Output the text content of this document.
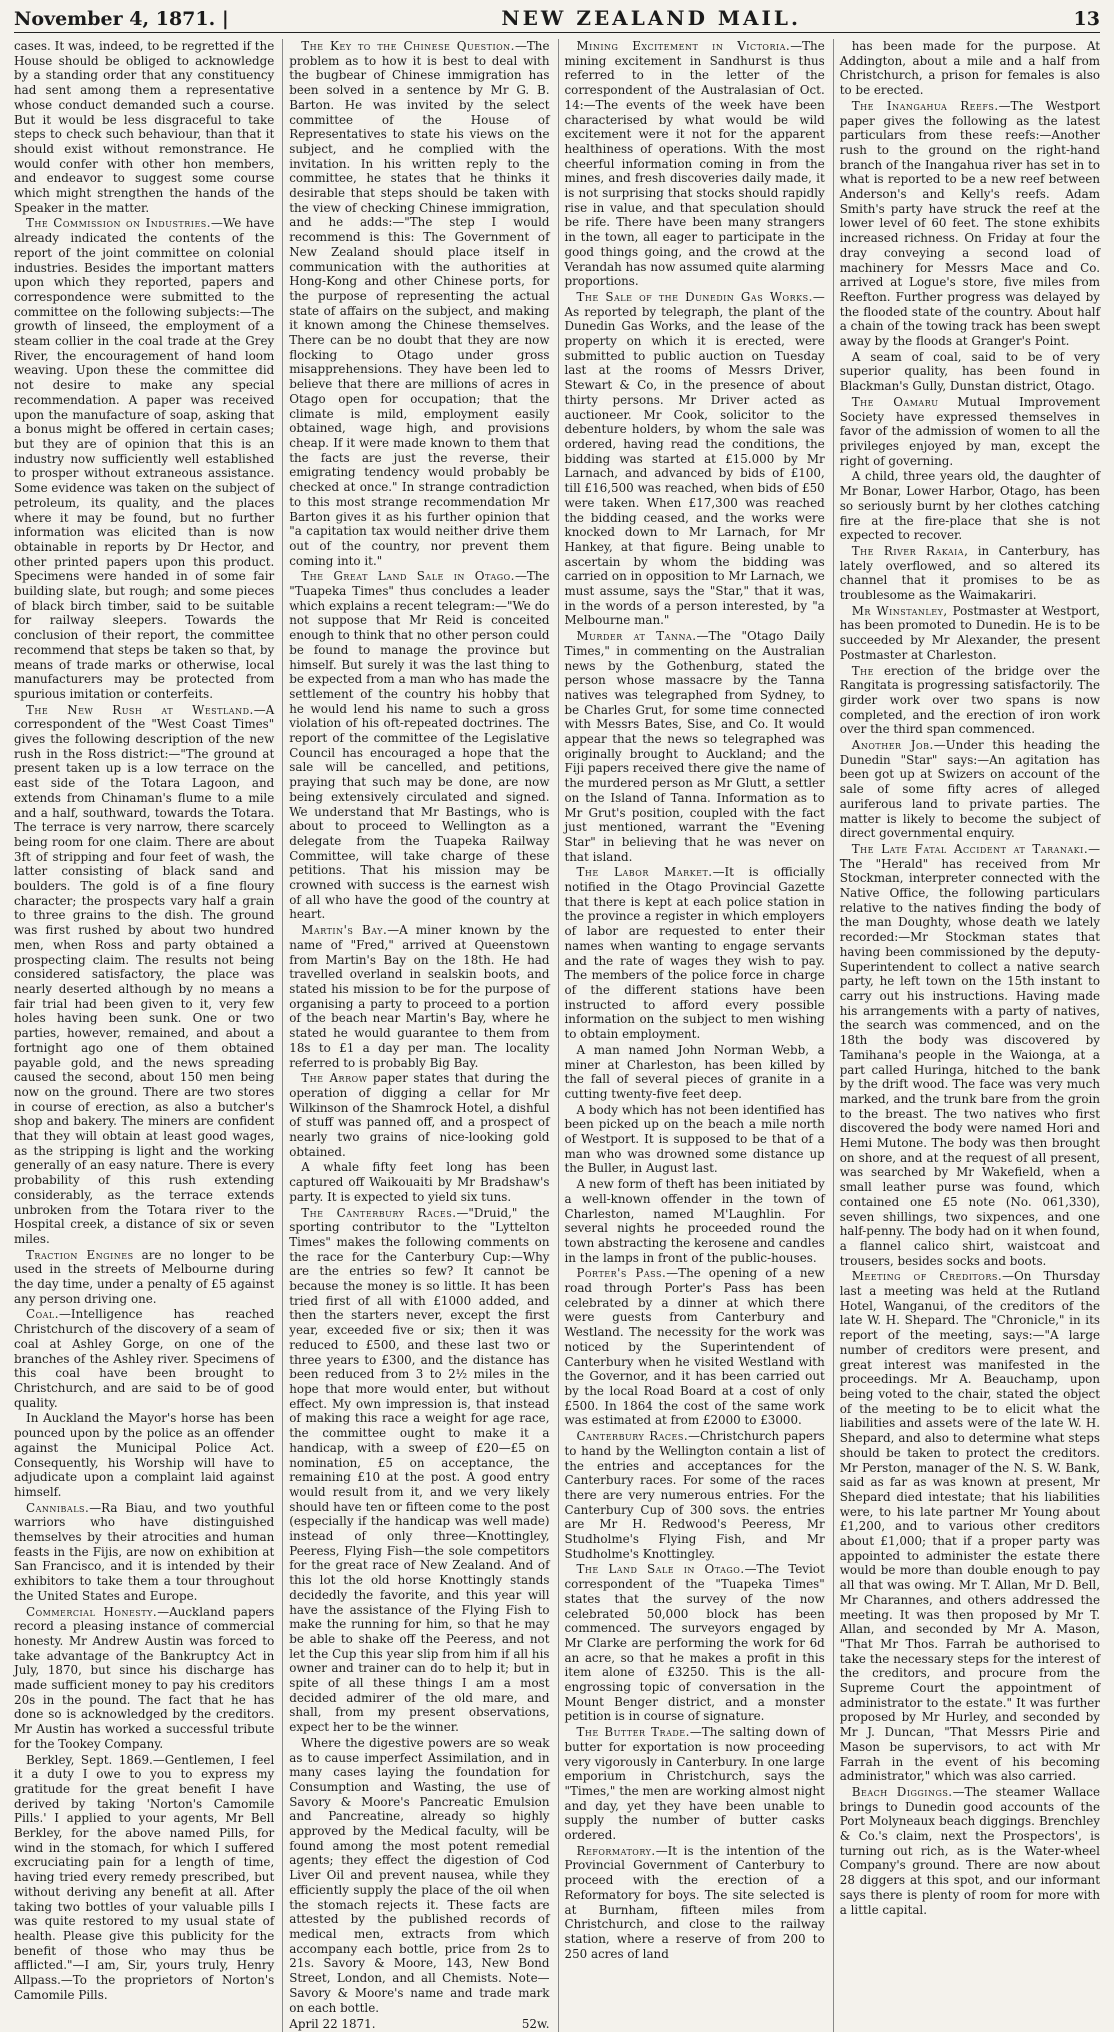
November 4, 1871. |	NEW ZEALAND MAIL.	13

cases. It was, indeed, to be regretted if the House should be obliged to acknowledge by a standing order that any constituency had sent among them a representative whose conduct demanded such a course. But it would be less disgraceful to take steps to check such behaviour, than that it should exist without remonstrance. He would confer with other hon members, and endeavor to suggest some course which might strengthen the hands of the Speaker in the matter.

The Commission on Industries.—We have already indicated the contents of the report of the joint committee on colonial industries. Besides the important matters upon which they reported, papers and correspondence were submitted to the committee on the following subjects:—The growth of linseed, the employment of a steam collier in the coal trade at the Grey River, the encouragement of hand loom weaving. Upon these the committee did not desire to make any special recommendation. A paper was received upon the manufacture of soap, asking that a bonus might be offered in certain cases; but they are of opinion that this is an industry now sufficiently well established to prosper without extraneous assistance. Some evidence was taken on the subject of petroleum, its quality, and the places where it may be found, but no further information was elicited than is now obtainable in reports by Dr Hector, and other printed papers upon this product. Specimens were handed in of some fair building slate, but rough; and some pieces of black birch timber, said to be suitable for railway sleepers. Towards the conclusion of their report, the committee recommend that steps be taken so that, by means of trade marks or otherwise, local manufacturers may be protected from spurious imitation or conterfeits.

The New Rush at Westland.—A correspondent of the "West Coast Times" gives the following description of the new rush in the Ross district:—"The ground at present taken up is a low terrace on the east side of the Totara Lagoon, and extends from Chinaman's flume to a mile and a half, southward, towards the Totara. The terrace is very narrow, there scarcely being room for one claim. There are about 3ft of stripping and four feet of wash, the latter consisting of black sand and boulders. The gold is of a fine floury character; the prospects vary half a grain to three grains to the dish. The ground was first rushed by about two hundred men, when Ross and party obtained a prospecting claim. The results not being considered satisfactory, the place was nearly deserted although by no means a fair trial had been given to it, very few holes having been sunk. One or two parties, however, remained, and about a fortnight ago one of them obtained payable gold, and the news spreading caused the second, about 150 men being now on the ground. There are two stores in course of erection, as also a butcher's shop and bakery. The miners are confident that they will obtain at least good wages, as the stripping is light and the working generally of an easy nature. There is every probability of this rush extending considerably, as the terrace extends unbroken from the Totara river to the Hospital creek, a distance of six or seven miles.

Traction Engines are no longer to be used in the streets of Melbourne during the day time, under a penalty of £5 against any person driving one.

Coal.—Intelligence has reached Christchurch of the discovery of a seam of coal at Ashley Gorge, on one of the branches of the Ashley river. Specimens of this coal have been brought to Christchurch, and are said to be of good quality.

In Auckland the Mayor's horse has been pounced upon by the police as an offender against the Municipal Police Act. Consequently, his Worship will have to adjudicate upon a complaint laid against himself.

Cannibals.—Ra Biau, and two youthful warriors who have distinguished themselves by their atrocities and human feasts in the Fijis, are now on exhibition at San Francisco, and it is intended by their exhibitors to take them a tour throughout the United States and Europe.

Commercial Honesty.—Auckland papers record a pleasing instance of commercial honesty. Mr Andrew Austin was forced to take advantage of the Bankruptcy Act in July, 1870, but since his discharge has made sufficient money to pay his creditors 20s in the pound. The fact that he has done so is acknowledged by the creditors. Mr Austin has worked a successful tribute for the Tookey Company.

Berkley, Sept. 1869.—Gentlemen, I feel it a duty I owe to you to express my gratitude for the great benefit I have derived by taking 'Norton's Camomile Pills.' I applied to your agents, Mr Bell Berkley, for the above named Pills, for wind in the stomach, for which I suffered excruciating pain for a length of time, having tried every remedy prescribed, but without deriving any benefit at all. After taking two bottles of your valuable pills I was quite restored to my usual state of health. Please give this publicity for the benefit of those who may thus be afflicted."—I am, Sir, yours truly, Henry Allpass.—To the proprietors of Norton's Camomile Pills.

The Key to the Chinese Question.—The problem as to how it is best to deal with the bugbear of Chinese immigration has been solved in a sentence by Mr G. B. Barton. He was invited by the select committee of the House of Representatives to state his views on the subject, and he complied with the invitation. In his written reply to the committee, he states that he thinks it desirable that steps should be taken with the view of checking Chinese immigration, and he adds:—"The step I would recommend is this: The Government of New Zealand should place itself in communication with the authorities at Hong-Kong and other Chinese ports, for the purpose of representing the actual state of affairs on the subject, and making it known among the Chinese themselves. There can be no doubt that they are now flocking to Otago under gross misapprehensions. They have been led to believe that there are millions of acres in Otago open for occupation; that the climate is mild, employment easily obtained, wage high, and provisions cheap. If it were made known to them that the facts are just the reverse, their emigrating tendency would probably be checked at once." In strange contradiction to this most strange recommendation Mr Barton gives it as his further opinion that "a capitation tax would neither drive them out of the country, nor prevent them coming into it."

The Great Land Sale in Otago.—The "Tuapeka Times" thus concludes a leader which explains a recent telegram:—"We do not suppose that Mr Reid is conceited enough to think that no other person could be found to manage the province but himself. But surely it was the last thing to be expected from a man who has made the settlement of the country his hobby that he would lend his name to such a gross violation of his oft-repeated doctrines. The report of the committee of the Legislative Council has encouraged a hope that the sale will be cancelled, and petitions, praying that such may be done, are now being extensively circulated and signed. We understand that Mr Bastings, who is about to proceed to Wellington as a delegate from the Tuapeka Railway Committee, will take charge of these petitions. That his mission may be crowned with success is the earnest wish of all who have the good of the country at heart.

Martin's Bay.—A miner known by the name of "Fred," arrived at Queenstown from Martin's Bay on the 18th. He had travelled overland in sealskin boots, and stated his mission to be for the purpose of organising a party to proceed to a portion of the beach near Martin's Bay, where he stated he would guarantee to them from 18s to £1 a day per man. The locality referred to is probably Big Bay.

The Arrow paper states that during the operation of digging a cellar for Mr Wilkinson of the Shamrock Hotel, a dishful of stuff was panned off, and a prospect of nearly two grains of nice-looking gold obtained.

A whale fifty feet long has been captured off Waikouaiti by Mr Bradshaw's party. It is expected to yield six tuns.

The Canterbury Races.—"Druid," the sporting contributor to the "Lyttelton Times" makes the following comments on the race for the Canterbury Cup:—Why are the entries so few? It cannot be because the money is so little. It has been tried first of all with £1000 added, and then the starters never, except the first year, exceeded five or six; then it was reduced to £500, and these last two or three years to £300, and the distance has been reduced from 3 to 2½ miles in the hope that more would enter, but without effect. My own impression is, that instead of making this race a weight for age race, the committee ought to make it a handicap, with a sweep of £20—£5 on nomination, £5 on acceptance, the remaining £10 at the post. A good entry would result from it, and we very likely should have ten or fifteen come to the post (especially if the handicap was well made) instead of only three—Knottingley, Peeress, Flying Fish—the sole competitors for the great race of New Zealand. And of this lot the old horse Knottingly stands decidedly the favorite, and this year will have the assistance of the Flying Fish to make the running for him, so that he may be able to shake off the Peeress, and not let the Cup this year slip from him if all his owner and trainer can do to help it; but in spite of all these things I am a most decided admirer of the old mare, and shall, from my present observations, expect her to be the winner.

Where the digestive powers are so weak as to cause imperfect Assimilation, and in many cases laying the foundation for Consumption and Wasting, the use of Savory & Moore's Pancreatic Emulsion and Pancreatine, already so highly approved by the Medical faculty, will be found among the most potent remedial agents; they effect the digestion of Cod Liver Oil and prevent nausea, while they efficiently supply the place of the oil when the stomach rejects it. These facts are attested by the published records of medical men, extracts from which accompany each bottle, price from 2s to 21s. Savory & Moore, 143, New Bond Street, London, and all Chemists. Note—Savory & Moore's name and trade mark on each bottle.

April 22 1871.	52w.

Mining Excitement in Victoria.—The mining excitement in Sandhurst is thus referred to in the letter of the correspondent of the Australasian of Oct. 14:—The events of the week have been characterised by what would be wild excitement were it not for the apparent healthiness of operations. With the most cheerful information coming in from the mines, and fresh discoveries daily made, it is not surprising that stocks should rapidly rise in value, and that speculation should be rife. There have been many strangers in the town, all eager to participate in the good things going, and the crowd at the Verandah has now assumed quite alarming proportions.

The Sale of the Dunedin Gas Works.—As reported by telegraph, the plant of the Dunedin Gas Works, and the lease of the property on which it is erected, were submitted to public auction on Tuesday last at the rooms of Messrs Driver, Stewart & Co, in the presence of about thirty persons. Mr Driver acted as auctioneer. Mr Cook, solicitor to the debenture holders, by whom the sale was ordered, having read the conditions, the bidding was started at £15.000 by Mr Larnach, and advanced by bids of £100, till £16,500 was reached, when bids of £50 were taken. When £17,300 was reached the bidding ceased, and the works were knocked down to Mr Larnach, for Mr Hankey, at that figure. Being unable to ascertain by whom the bidding was carried on in opposition to Mr Larnach, we must assume, says the "Star," that it was, in the words of a person interested, by "a Melbourne man."

Murder at Tanna.—The "Otago Daily Times," in commenting on the Australian news by the Gothenburg, stated the person whose massacre by the Tanna natives was telegraphed from Sydney, to be Charles Grut, for some time connected with Messrs Bates, Sise, and Co. It would appear that the news so telegraphed was originally brought to Auckland; and the Fiji papers received there give the name of the murdered person as Mr Glutt, a settler on the Island of Tanna. Information as to Mr Grut's position, coupled with the fact just mentioned, warrant the "Evening Star" in believing that he was never on that island.

The Labor Market.—It is officially notified in the Otago Provincial Gazette that there is kept at each police station in the province a register in which employers of labor are requested to enter their names when wanting to engage servants and the rate of wages they wish to pay. The members of the police force in charge of the different stations have been instructed to afford every possible information on the subject to men wishing to obtain employment.

A man named John Norman Webb, a miner at Charleston, has been killed by the fall of several pieces of granite in a cutting twenty-five feet deep.

A body which has not been identified has been picked up on the beach a mile north of Westport. It is supposed to be that of a man who was drowned some distance up the Buller, in August last.

A new form of theft has been initiated by a well-known offender in the town of Charleston, named M'Laughlin. For several nights he proceeded round the town abstracting the kerosene and candles in the lamps in front of the public-houses.

Porter's Pass.—The opening of a new road through Porter's Pass has been celebrated by a dinner at which there were guests from Canterbury and Westland. The necessity for the work was noticed by the Superintendent of Canterbury when he visited Westland with the Governor, and it has been carried out by the local Road Board at a cost of only £500. In 1864 the cost of the same work was estimated at from £2000 to £3000.

Canterbury Races.—Christchurch papers to hand by the Wellington contain a list of the entries and acceptances for the Canterbury races. For some of the races there are very numerous entries. For the Canterbury Cup of 300 sovs. the entries are Mr H. Redwood's Peeress, Mr Studholme's Flying Fish, and Mr Studholme's Knottingley.

The Land Sale in Otago.—The Teviot correspondent of the "Tuapeka Times" states that the survey of the now celebrated 50,000 block has been commenced. The surveyors engaged by Mr Clarke are performing the work for 6d an acre, so that he makes a profit in this item alone of £3250. This is the all-engrossing topic of conversation in the Mount Benger district, and a monster petition is in course of signature.

The Butter Trade.—The salting down of butter for exportation is now proceeding very vigorously in Canterbury. In one large emporium in Christchurch, says the "Times," the men are working almost night and day, yet they have been unable to supply the number of butter casks ordered.

Reformatory.—It is the intention of the Provincial Government of Canterbury to proceed with the erection of a Reformatory for boys. The site selected is at Burnham, fifteen miles from Christchurch, and close to the railway station, where a reserve of from 200 to 250 acres of land

has been made for the purpose. At Addington, about a mile and a half from Christchurch, a prison for females is also to be erected.

The Inangahua Reefs.—The Westport paper gives the following as the latest particulars from these reefs:—Another rush to the ground on the right-hand branch of the Inangahua river has set in to what is reported to be a new reef between Anderson's and Kelly's reefs. Adam Smith's party have struck the reef at the lower level of 60 feet. The stone exhibits increased richness. On Friday at four the dray conveying a second load of machinery for Messrs Mace and Co. arrived at Logue's store, five miles from Reefton. Further progress was delayed by the flooded state of the country. About half a chain of the towing track has been swept away by the floods at Granger's Point.

A seam of coal, said to be of very superior quality, has been found in Blackman's Gully, Dunstan district, Otago.

The Oamaru Mutual Improvement Society have expressed themselves in favor of the admission of women to all the privileges enjoyed by man, except the right of governing.

A child, three years old, the daughter of Mr Bonar, Lower Harbor, Otago, has been so seriously burnt by her clothes catching fire at the fire-place that she is not expected to recover.

The River Rakaia, in Canterbury, has lately overflowed, and so altered its channel that it promises to be as troublesome as the Waimakariri.

Mr Winstanley, Postmaster at Westport, has been promoted to Dunedin. He is to be succeeded by Mr Alexander, the present Postmaster at Charleston.

The erection of the bridge over the Rangitata is progressing satisfactorily. The girder work over two spans is now completed, and the erection of iron work over the third span commenced.

Another Job.—Under this heading the Dunedin "Star" says:—An agitation has been got up at Swizers on account of the sale of some fifty acres of alleged auriferous land to private parties. The matter is likely to become the subject of direct governmental enquiry.

The Late Fatal Accident at Taranaki.—The "Herald" has received from Mr Stockman, interpreter connected with the Native Office, the following particulars relative to the natives finding the body of the man Doughty, whose death we lately recorded:—Mr Stockman states that having been commissioned by the deputy-Superintendent to collect a native search party, he left town on the 15th instant to carry out his instructions. Having made his arrangements with a party of natives, the search was commenced, and on the 18th the body was discovered by Tamihana's people in the Waionga, at a part called Huringa, hitched to the bank by the drift wood. The face was very much marked, and the trunk bare from the groin to the breast. The two natives who first discovered the body were named Hori and Hemi Mutone. The body was then brought on shore, and at the request of all present, was searched by Mr Wakefield, when a small leather purse was found, which contained one £5 note (No. 061,330), seven shillings, two sixpences, and one half-penny. The body had on it when found, a flannel calico shirt, waistcoat and trousers, besides socks and boots.

Meeting of Creditors.—On Thursday last a meeting was held at the Rutland Hotel, Wanganui, of the creditors of the late W. H. Shepard. The "Chronicle," in its report of the meeting, says:—"A large number of creditors were present, and great interest was manifested in the proceedings. Mr A. Beauchamp, upon being voted to the chair, stated the object of the meeting to be to elicit what the liabilities and assets were of the late W. H. Shepard, and also to determine what steps should be taken to protect the creditors. Mr Perston, manager of the N. S. W. Bank, said as far as was known at present, Mr Shepard died intestate; that his liabilities were, to his late partner Mr Young about £1,200, and to various other creditors about £1,000; that if a proper party was appointed to administer the estate there would be more than double enough to pay all that was owing. Mr T. Allan, Mr D. Bell, Mr Charannes, and others addressed the meeting. It was then proposed by Mr T. Allan, and seconded by Mr A. Mason, "That Mr Thos. Farrah be authorised to take the necessary steps for the interest of the creditors, and procure from the Supreme Court the appointment of administrator to the estate." It was further proposed by Mr Hurley, and seconded by Mr J. Duncan, "That Messrs Pirie and Mason be supervisors, to act with Mr Farrah in the event of his becoming administrator," which was also carried.

Beach Diggings.—The steamer Wallace brings to Dunedin good accounts of the Port Molyneaux beach diggings. Brenchley & Co.'s claim, next the Prospectors', is turning out rich, as is the Water-wheel Company's ground. There are now about 28 diggers at this spot, and our informant says there is plenty of room for more with a little capital.
